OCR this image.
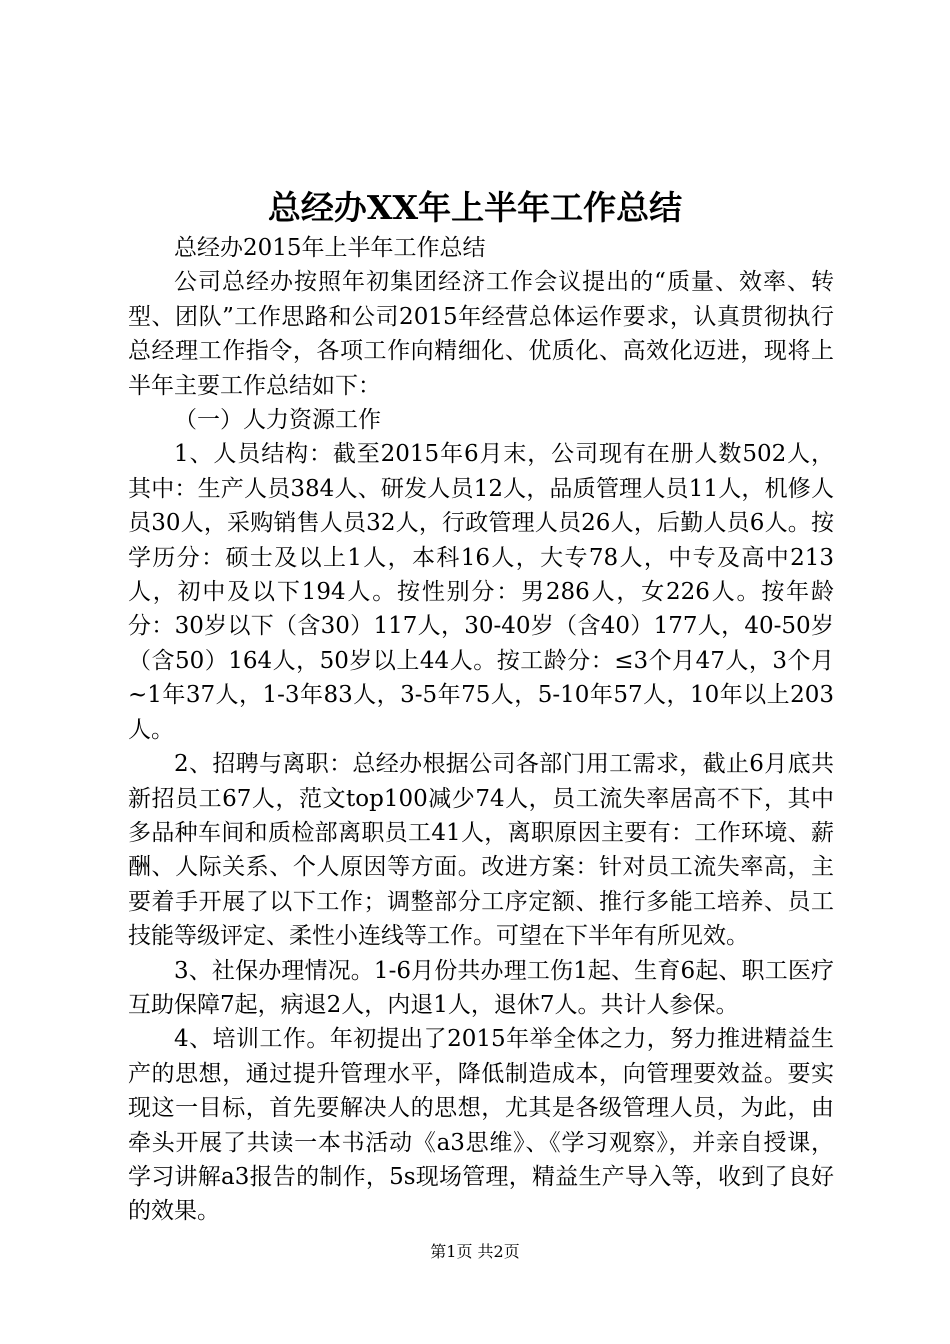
总经办XX年上半年工作总结

总经办2015年上半年工作总结

公司总经办按照年初集团经济工作会议提出的“质量、效率、转型、团队”工作思路和公司2015年经营总体运作要求，认真贯彻执行总经理工作指令，各项工作向精细化、优质化、高效化迈进，现将上半年主要工作总结如下：

（一）人力资源工作

1、人员结构：截至2015年6月末，公司现有在册人数502人，其中：生产人员384人、研发人员12人，品质管理人员11人，机修人员30人，采购销售人员32人，行政管理人员26人，后勤人员6人。按学历分：硕士及以上1人，本科16人，大专78人，中专及高中213人，初中及以下194人。按性别分：男286人，女226人。按年龄分：30岁以下（含30）117人，30-40岁（含40）177人，40-50岁（含50）164人，50岁以上44人。按工龄分：≤3个月47人，3个月~1年37人，1-3年83人，3-5年75人，5-10年57人，10年以上203人。

2、招聘与离职：总经办根据公司各部门用工需求，截止6月底共新招员工67人，范文top100减少74人，员工流失率居高不下，其中多品种车间和质检部离职员工41人，离职原因主要有：工作环境、薪酬、人际关系、个人原因等方面。改进方案：针对员工流失率高，主要着手开展了以下工作；调整部分工序定额、推行多能工培养、员工技能等级评定、柔性小连线等工作。可望在下半年有所见效。

3、社保办理情况。1-6月份共办理工伤1起、生育6起、职工医疗互助保障7起，病退2人，内退1人，退休7人。共计人参保。

4、培训工作。年初提出了2015年举全体之力，努力推进精益生产的思想，通过提升管理水平，降低制造成本，向管理要效益。要实现这一目标，首先要解决人的思想，尤其是各级管理人员，为此，由牵头开展了共读一本书活动《a3思维》、《学习观察》，并亲自授课，学习讲解a3报告的制作，5s现场管理，精益生产导入等，收到了良好的效果。

第1页 共2页
